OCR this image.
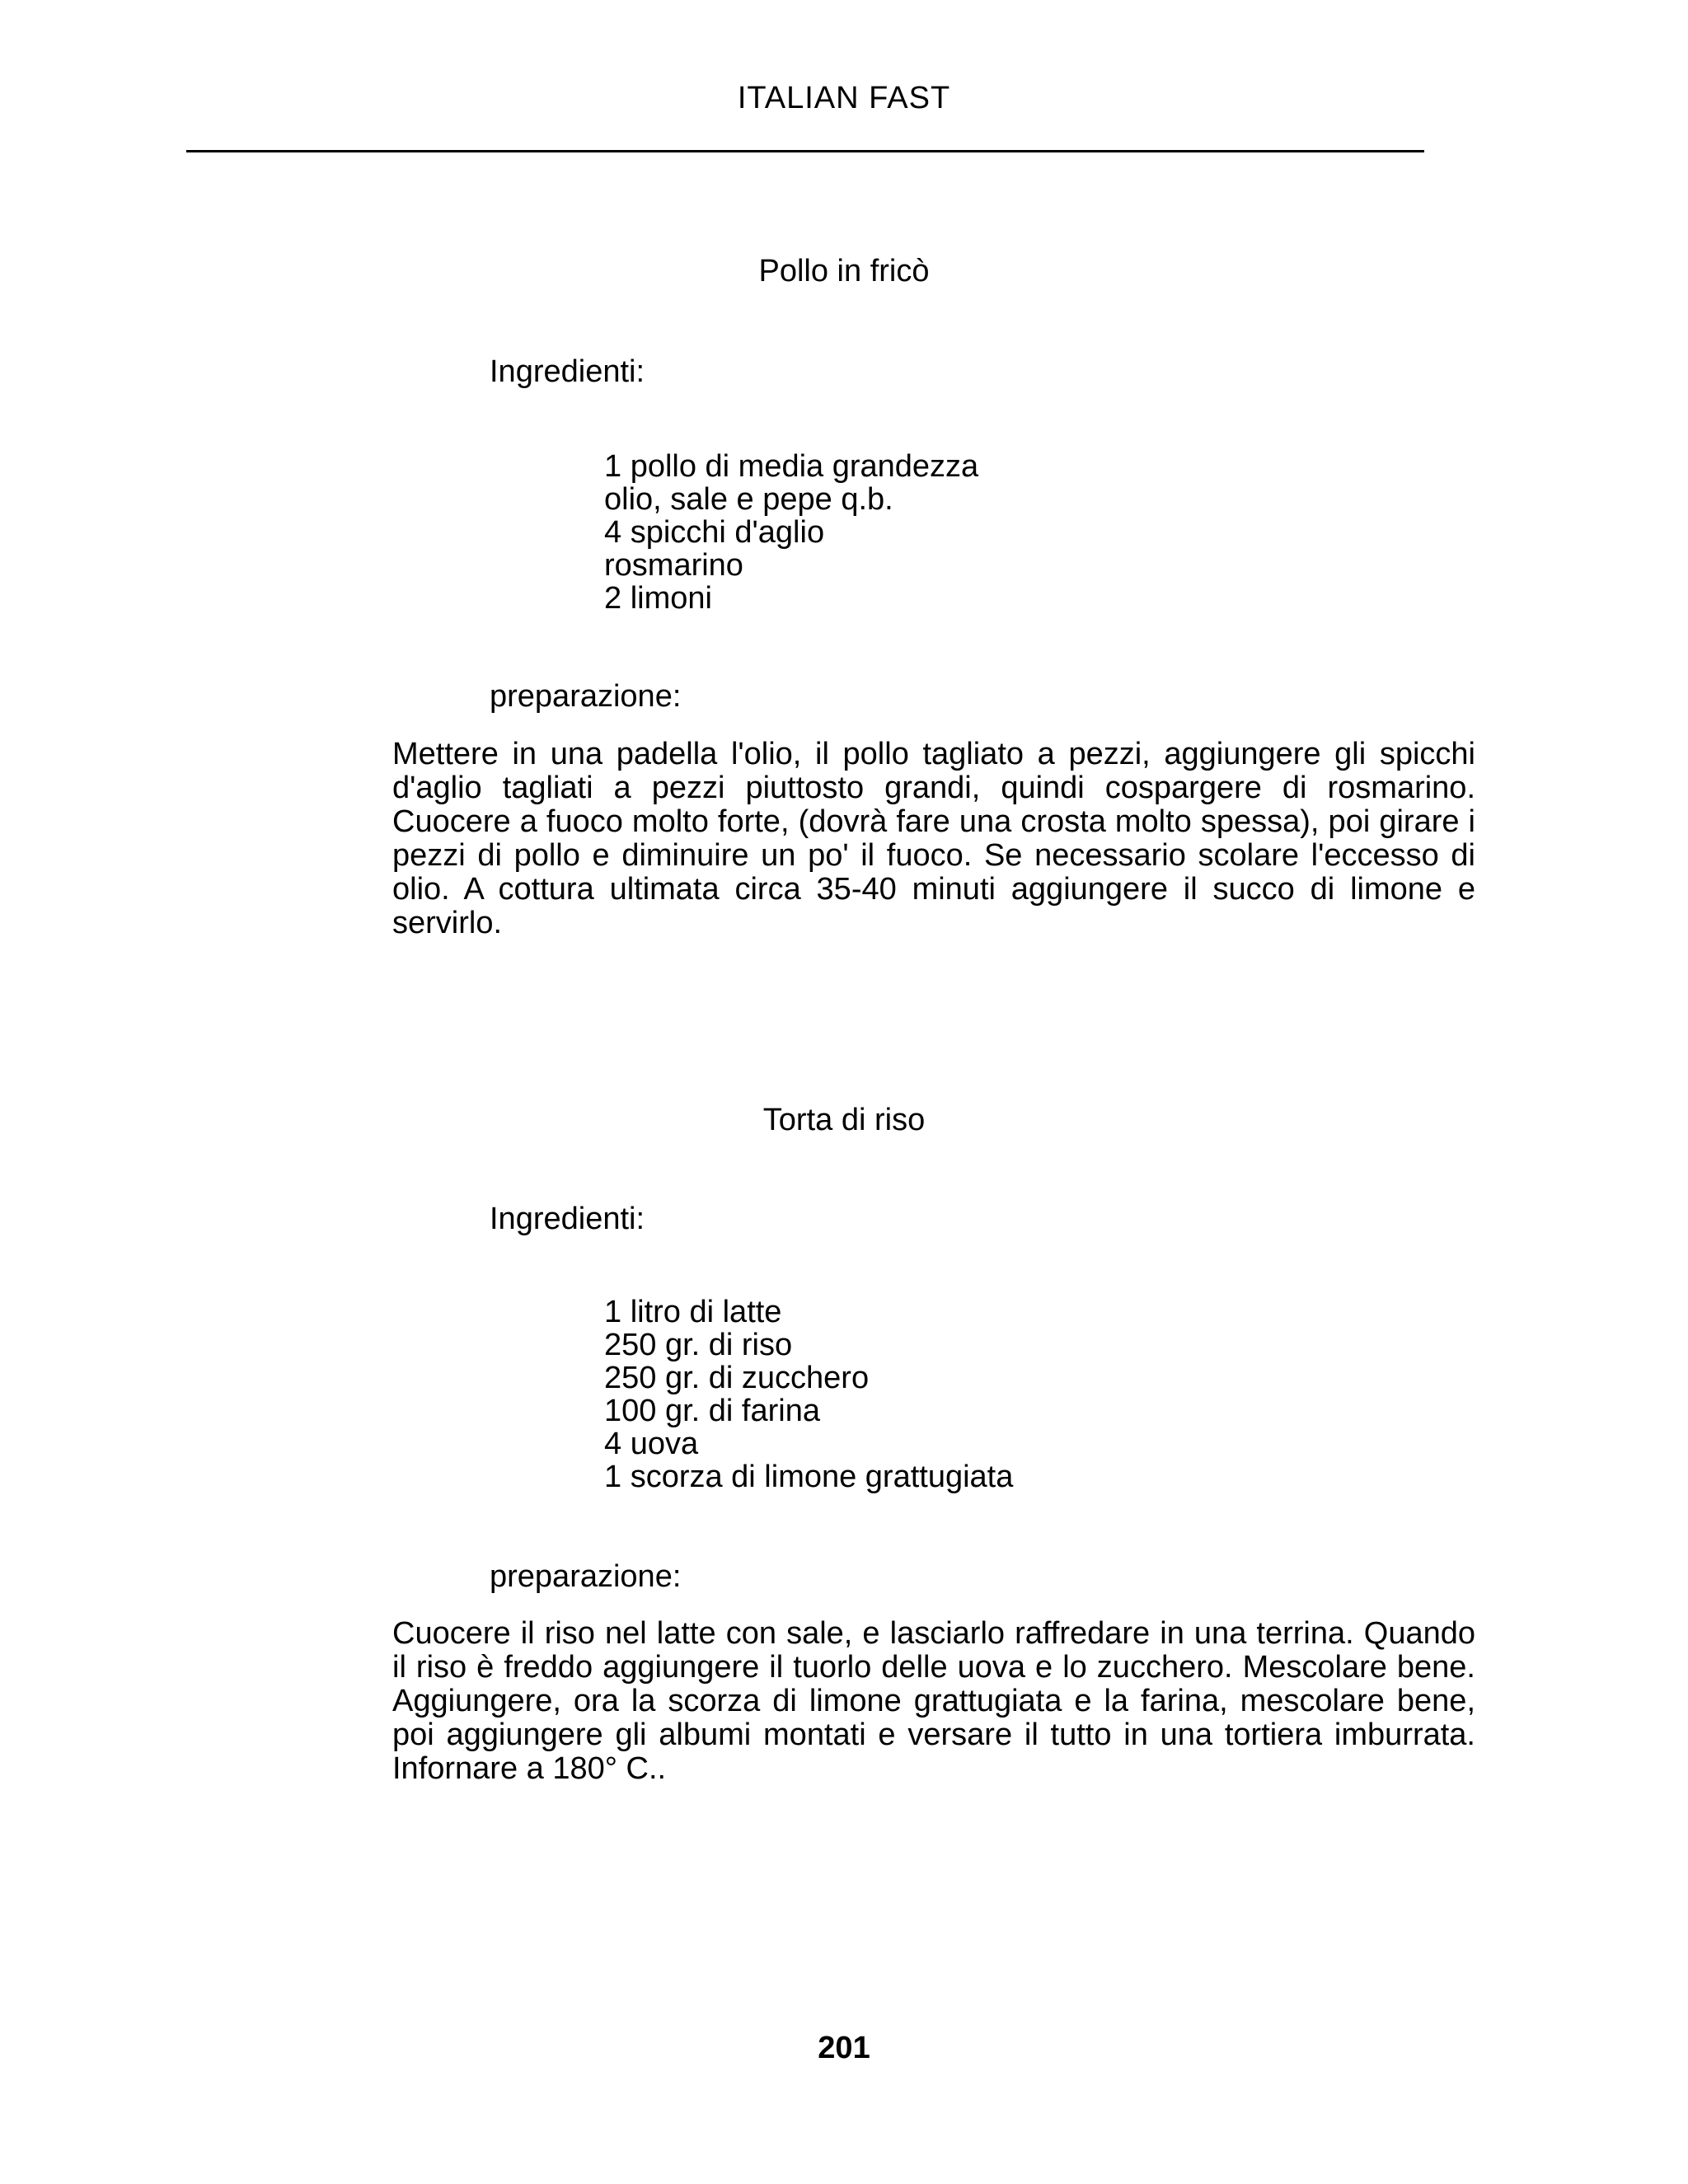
ITALIAN FAST
Pollo in fricò
Ingredienti:
1 pollo di media grandezza
olio, sale e pepe q.b.
4 spicchi d'aglio
rosmarino
2 limoni
preparazione:

Mettere in una padella l'olio, il pollo tagliato a pezzi, aggiungere gli spicchi d'aglio tagliati a pezzi piuttosto grandi, quindi cospargere di rosmarino. Cuocere a fuoco molto forte, (dovrà fare una crosta molto spessa), poi girare i pezzi di pollo e diminuire un po' il fuoco. Se necessario scolare l'eccesso di olio. A cottura ultimata circa 35-40 minuti aggiungere il succo di limone e servirlo.

Torta di riso
Ingredienti:
1 litro di latte
250 gr. di riso
250 gr. di zucchero
100 gr. di farina
4 uova
1 scorza di limone grattugiata
preparazione:

Cuocere il riso nel latte con sale, e lasciarlo raffredare in una terrina. Quando il riso è freddo aggiungere il tuorlo delle uova e lo zucchero. Mescolare bene. Aggiungere, ora la scorza di limone grattugiata e la farina, mescolare bene, poi aggiungere gli albumi montati e versare il tutto in una tortiera imburrata. Infornare a 180° C..

201
